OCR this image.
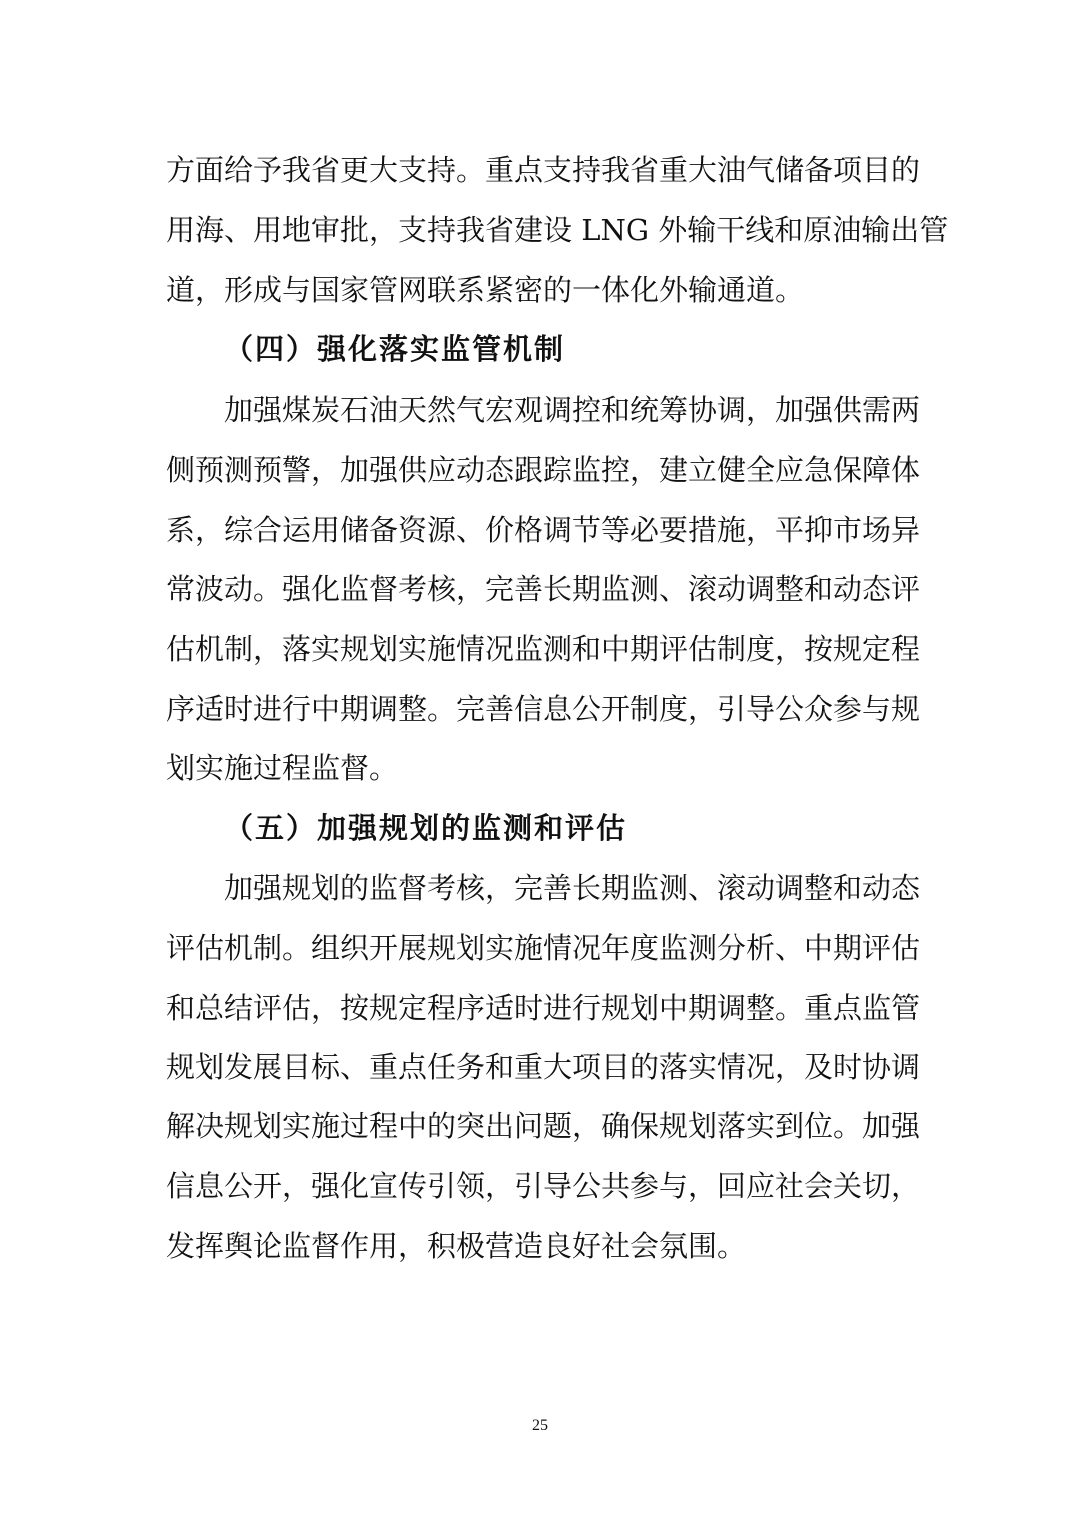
方面给予我省更大支持。重点支持我省重大油气储备项目的
用海、用地审批，支持我省建设 LNG 外输干线和原油输出管
道，形成与国家管网联系紧密的一体化外输通道。
（四）强化落实监管机制
加强煤炭石油天然气宏观调控和统筹协调，加强供需两
侧预测预警，加强供应动态跟踪监控，建立健全应急保障体
系，综合运用储备资源、价格调节等必要措施，平抑市场异
常波动。强化监督考核，完善长期监测、滚动调整和动态评
估机制，落实规划实施情况监测和中期评估制度，按规定程
序适时进行中期调整。完善信息公开制度，引导公众参与规
划实施过程监督。
（五）加强规划的监测和评估
加强规划的监督考核，完善长期监测、滚动调整和动态
评估机制。组织开展规划实施情况年度监测分析、中期评估
和总结评估，按规定程序适时进行规划中期调整。重点监管
规划发展目标、重点任务和重大项目的落实情况，及时协调
解决规划实施过程中的突出问题，确保规划落实到位。加强
信息公开，强化宣传引领，引导公共参与，回应社会关切，
发挥舆论监督作用，积极营造良好社会氛围。
25
